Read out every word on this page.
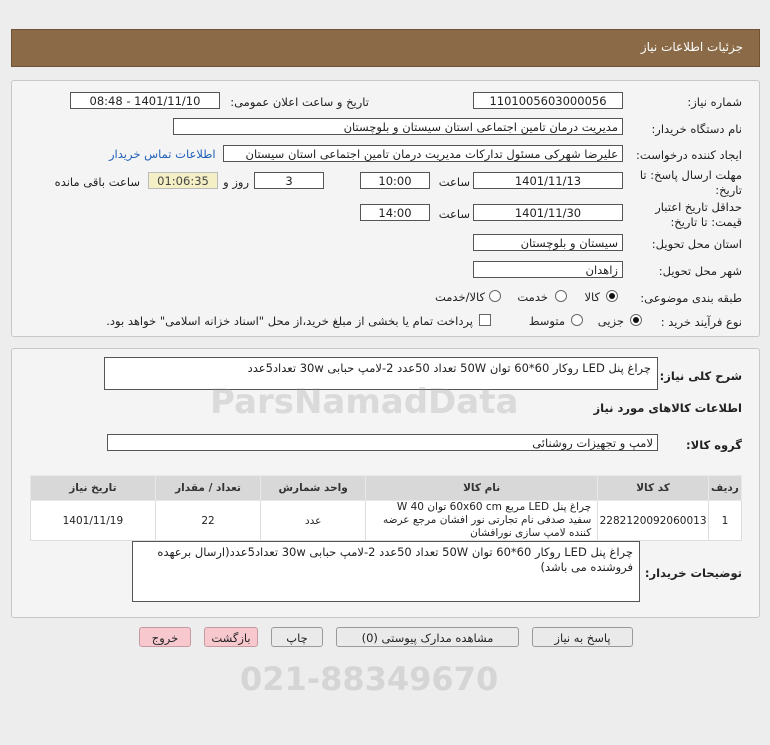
جزئیات اطلاعات نیاز
شماره نیاز:
1101005603000056
تاریخ و ساعت اعلان عمومی:
1401/11/10 - 08:48
نام دستگاه خریدار:
مدیریت درمان تامین اجتماعی استان سیستان و بلوچستان
ایجاد کننده درخواست:
علیرضا شهرکی مسئول تدارکات مدیریت درمان تامین اجتماعی استان سیستان
اطلاعات تماس خریدار
مهلت ارسال پاسخ: تا
تاریخ:
1401/11/13
ساعت
10:00
3
روز و
01:06:35
ساعت باقی مانده
حداقل تاریخ اعتبار
قیمت: تا تاریخ:
1401/11/30
ساعت
14:00
استان محل تحویل:
سیستان و بلوچستان
شهر محل تحویل:
زاهدان
طبقه بندی موضوعی:
کالا
خدمت
کالا/خدمت
نوع فرآیند خرید :
جزیی
متوسط
پرداخت تمام یا بخشی از مبلغ خرید،از محل "اسناد خزانه اسلامی" خواهد بود.
شرح کلی نیاز:
چراغ پنل LED روکار 60*60 توان 50W تعداد 50عدد 2-لامپ حبابی 30w تعداد5عدد
اطلاعات کالاهای مورد نیاز
گروه کالا:
لامپ و تجهیزات روشنائی
ردیف	کد کالا	نام کالا	واحد شمارش	تعداد / مقدار	تاریخ نیاز
1	2282120092060013	چراغ پنل LED مربع 60x60 cm توان W 40 سفید صدفی نام تجارتی نور افشان مرجع عرضه کننده لامپ سازی نورافشان	عدد	22	1401/11/19
توضیحات خریدار:
چراغ پنل LED روکار 60*60 توان 50W تعداد 50عدد 2-لامپ حبابی 30w تعداد5عدد(ارسال برعهده فروشنده می باشد)
پاسخ به نیاز
مشاهده مدارک پیوستی (0)
چاپ
بازگشت
خروج
ParsNamadData
021-88349670
